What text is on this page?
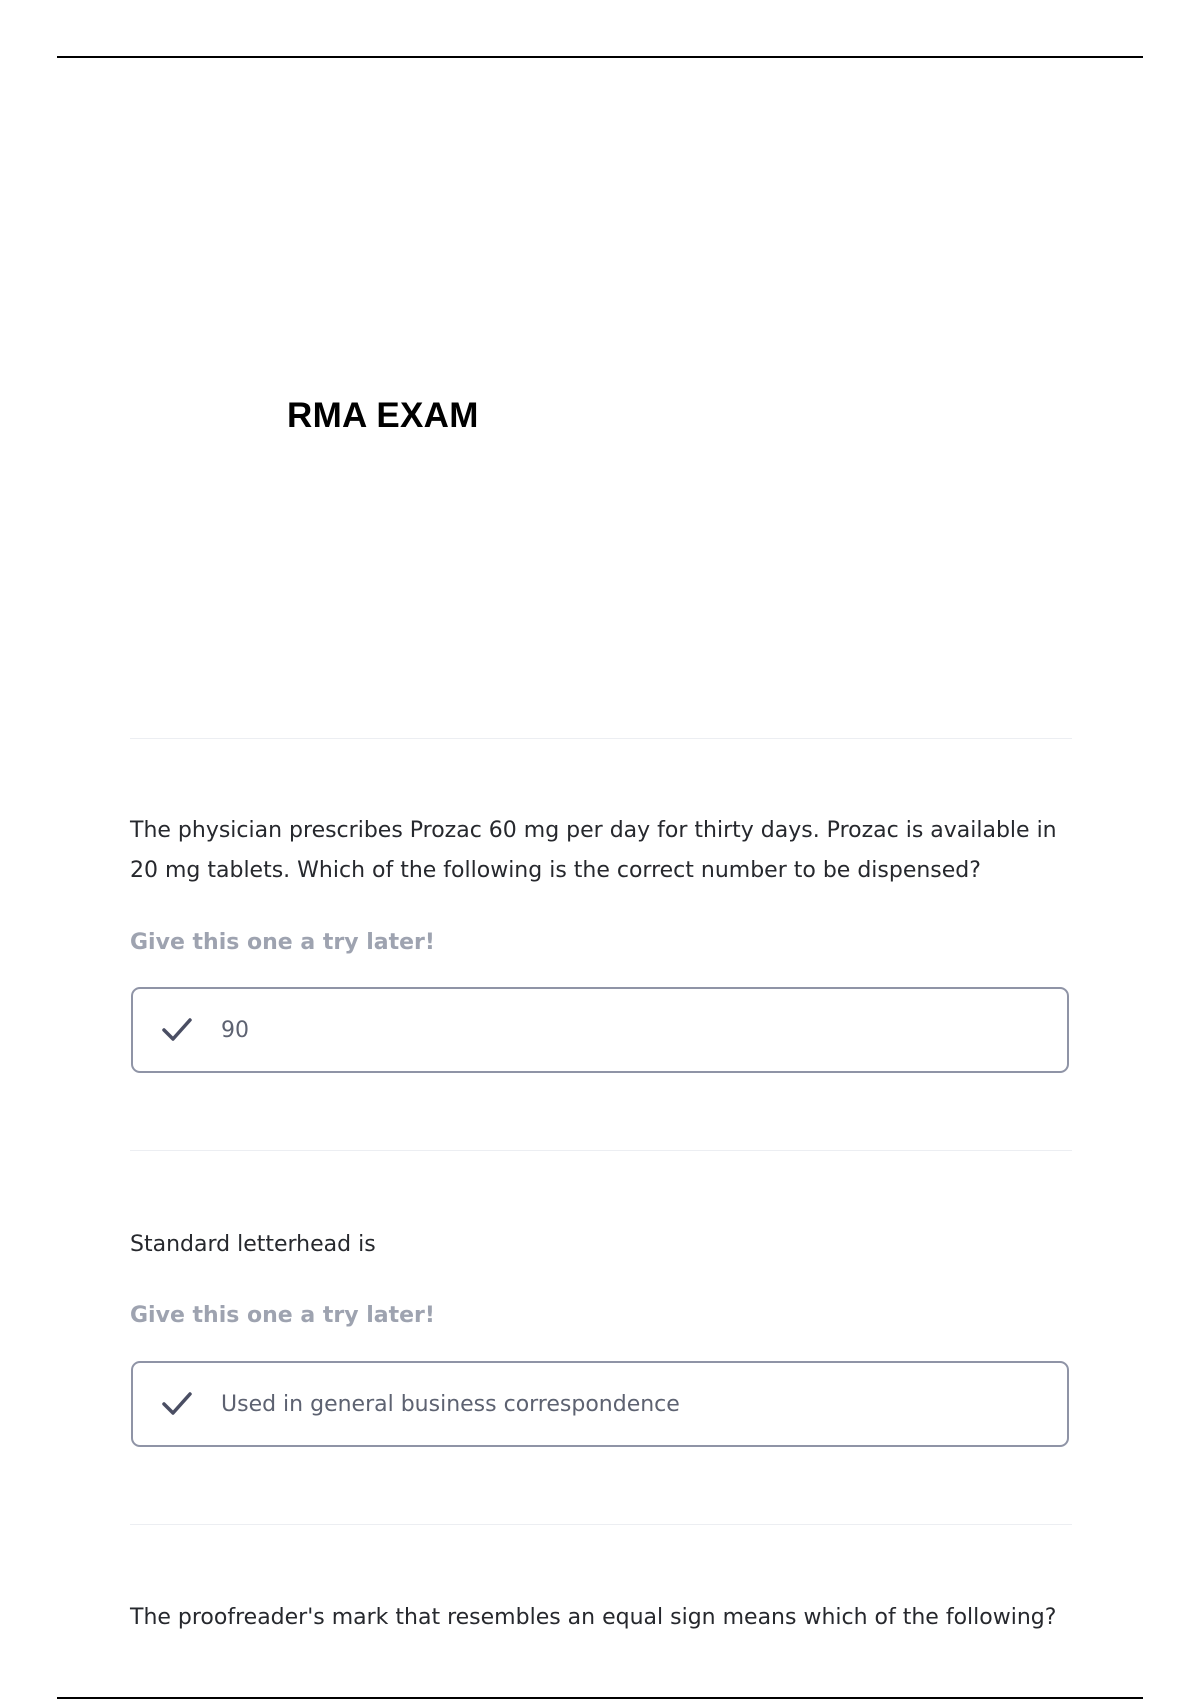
RMA EXAM

The physician prescribes Prozac 60 mg per day for thirty days. Prozac is available in 20 mg tablets. Which of the following is the correct number to be dispensed?

Give this one a try later!

90

Standard letterhead is

Give this one a try later!

Used in general business correspondence

The proofreader's mark that resembles an equal sign means which of the following?
